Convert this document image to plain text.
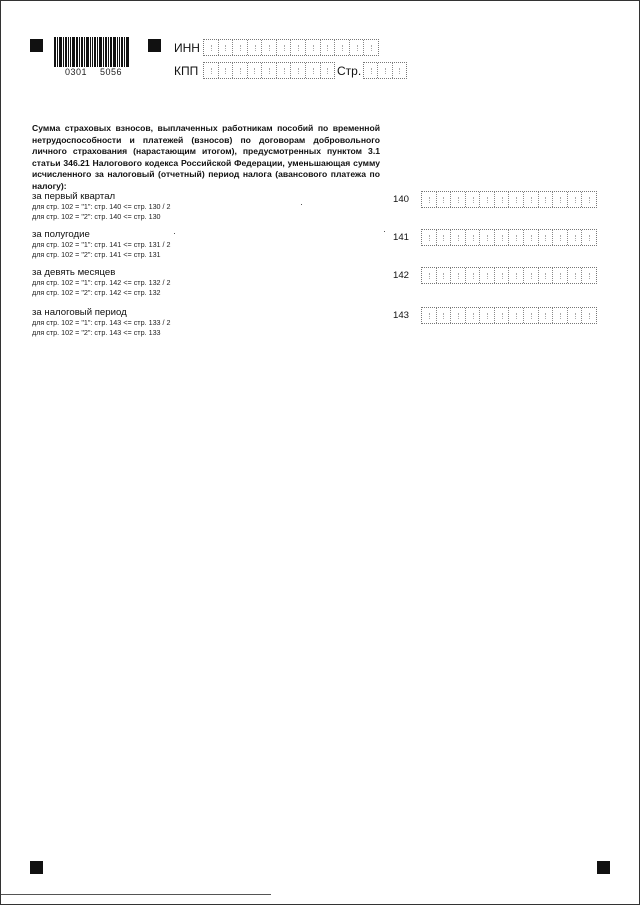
0301 5056
ИНН
КПП	Стр.
Сумма страховых взносов, выплаченных работникам пособий по временной нетрудоспособности и платежей (взносов) по договорам добровольного личного страхования (нарастающим итогом), предусмотренных пунктом 3.1 статьи 346.21 Налогового кодекса Российской Федерации, уменьшающая сумму исчисленного за налоговый (отчетный) период налога (авансового платежа по налогу):
за первый квартал
для стр. 102 = "1": стр. 140 <= стр. 130 / 2
для стр. 102 = "2": стр. 140 <= стр. 130
140
за полугодие
для стр. 102 = "1": стр. 141 <= стр. 131 / 2
для стр. 102 = "2": стр. 141 <= стр. 131
141
за девять месяцев
для стр. 102 = "1": стр. 142 <= стр. 132 / 2
для стр. 102 = "2": стр. 142 <= стр. 132
142
за налоговый период
для стр. 102 = "1": стр. 143 <= стр. 133 / 2
для стр. 102 = "2": стр. 143 <= стр. 133
143
